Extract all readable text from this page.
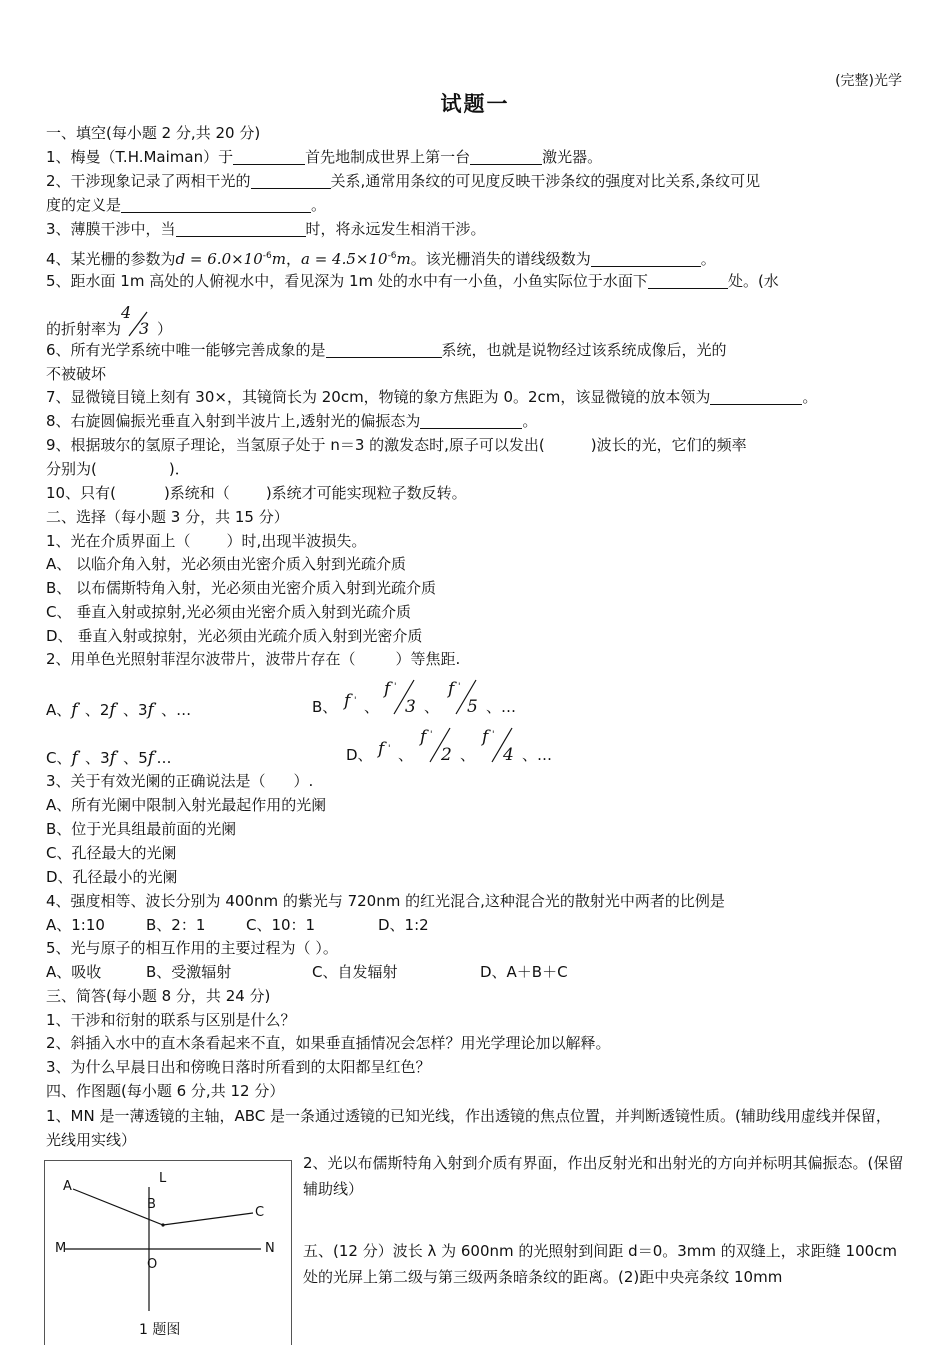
(完整)光学
试题一
一、填空(每小题 2 分,共 20 分)
1、梅曼（T.H.Maiman）于	首先地制成世界上第一台	激光器。
2、干涉现象记录了两相干光的	关系,通常用条纹的可见度反映干涉条纹的强度对比关系,条纹可见
度的定义是	。
3、薄膜干涉中，当	时，将永远发生相消干涉。
4、某光栅的参数为$d = 6.0\times 10^{-6}m$，$a = 4.5\times 10^{-6}m$。该光栅消失的谱线级数为	。
5、距水面 1m 高处的人俯视水中，看见深为 1m 处的水中有一小鱼，小鱼实际位于水面下	处。(水
的折射率为
4
3 ）
6、所有光学系统中唯一能够完善成象的是	系统，也就是说物经过该系统成像后，光的
不被破坏
7、显微镜目镜上刻有 30×，其镜筒长为 20cm，物镜的象方焦距为 0。2cm，该显微镜的放本领为	。
8、右旋圆偏振光垂直入射到半波片上,透射光的偏振态为	。
9、根据玻尔的氢原子理论，当氢原子处于 n＝3 的激发态时,原子可以发出(	)波长的光，它们的频率
分别为(	)．
10、只有(	)系统和（ )系统才可能实现粒子数反转。
二、选择（每小题 3 分，共 15 分）
1、光在介质界面上（ ）时,出现半波损失。
A、 以临介角入射，光必须由光密介质入射到光疏介质
B、 以布儒斯特角入射，光必须由光密介质入射到光疏介质
C、 垂直入射或掠射,光必须由光密介质入射到光疏介质
D、 垂直入射或掠射，光必须由光疏介质入射到光密介质
2、用单色光照射菲涅尔波带片，波带片存在（	）等焦距.
A、f' 、2f' 、3f' 、…	B、 f ' 、
f '
3 、
f '
5 、…
C、f' 、3f' 、5f'…	D、 f ' 、
f '
2 、
f '
4 、…
3、关于有效光阑的正确说法是（ ）.
A、所有光阑中限制入射光最起作用的光阑
B、位于光具组最前面的光阑
C、孔径最大的光阑
D、孔径最小的光阑
4、强度相等、波长分别为 400nm 的紫光与 720nm 的红光混合,这种混合光的散射光中两者的比例是
A、1:10	B、2：1	C、10：1	D、1:2
5、光与原子的相互作用的主要过程为（ ）。
A、吸收	B、受激辐射	C、自发辐射	D、A＋B＋C
三、简答(每小题 8 分，共 24 分)
1、干涉和衍射的联系与区别是什么？
2、斜插入水中的直木条看起来不直，如果垂直插情况会怎样？用光学理论加以解释。
3、为什么早晨日出和傍晚日落时所看到的太阳都呈红色？
四、作图题(每小题 6 分,共 12 分）
1、MN 是一薄透镜的主轴，ABC 是一条通过透镜的已知光线，作出透镜的焦点位置，并判断透镜性质。(辅助线用虚线并保留，光线用实线）
A
L
B
C
M	N
O
1 题图
2、光以布儒斯特角入射到介质有界面，作出反射光和出射光的方向并标明其偏振态。(保留辅助线）
五、(12 分）波长 λ 为 600nm 的光照射到间距 d＝0。3mm 的双缝上，求距缝 100cm 处的光屏上第二级与第三级两条暗条纹的距离。(2)距中央亮条纹 10mm
